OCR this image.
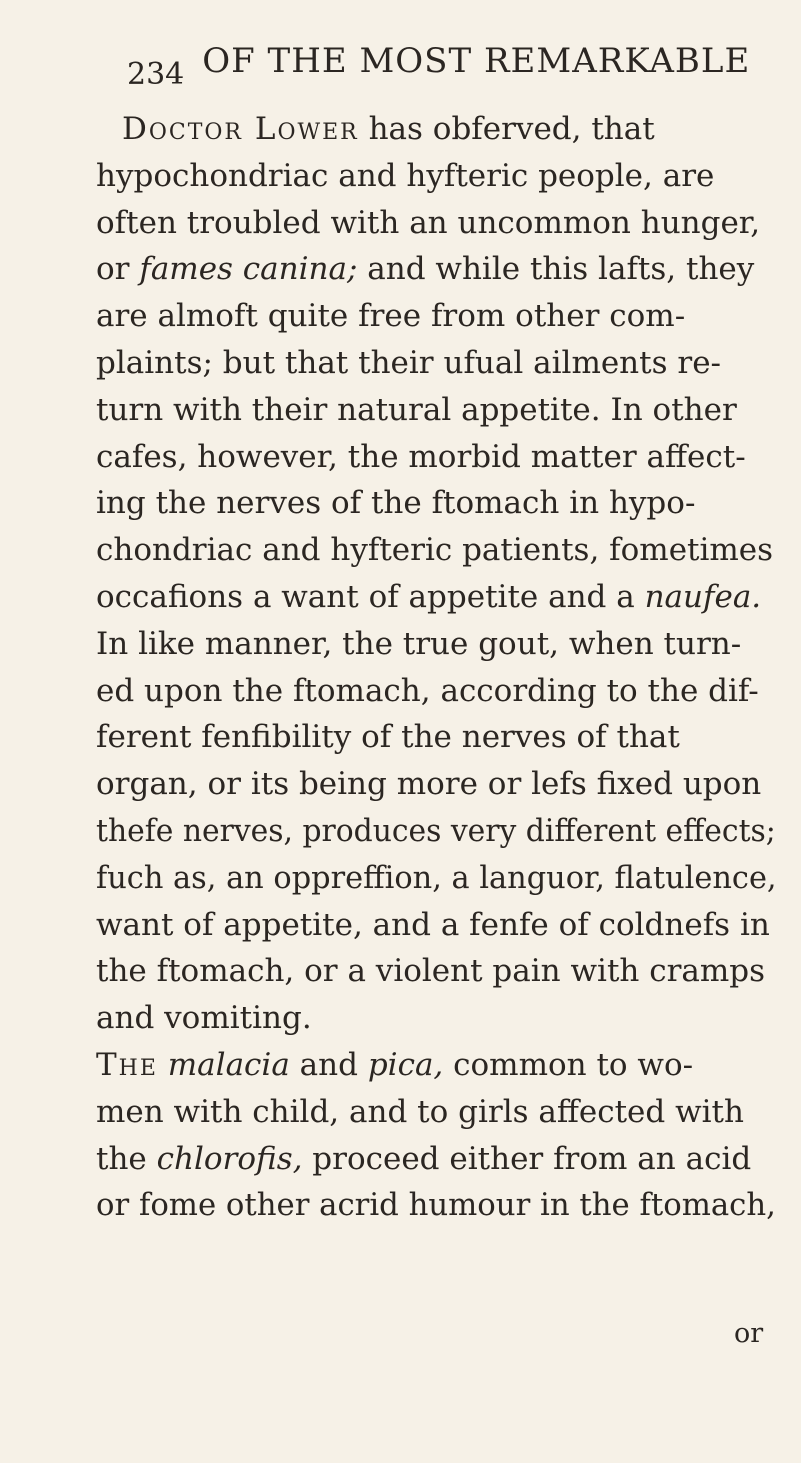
234 OF THE MOST REMARKABLE
Doctor Lower has obferved, that
hypochondriac and hyfteric people, are
often troubled with an uncommon hunger,
or fames canina; and while this lafts, they
are almoft quite free from other com-
plaints; but that their ufual ailments re-
turn with their natural appetite. In other
cafes, however, the morbid matter affect-
ing the nerves of the ftomach in hypo-
chondriac and hyfteric patients, fometimes
occafions a want of appetite and a naufea.
In like manner, the true gout, when turn-
ed upon the ftomach, according to the dif-
ferent fenfibility of the nerves of that
organ, or its being more or lefs fixed upon
thefe nerves, produces very different effects;
fuch as, an oppreffion, a languor, flatulence,
want of appetite, and a fenfe of coldnefs in
the ftomach, or a violent pain with cramps
and vomiting.
The malacia and pica, common to wo-
men with child, and to girls affected with
the chlorofis, proceed either from an acid
or fome other acrid humour in the ftomach,
or
